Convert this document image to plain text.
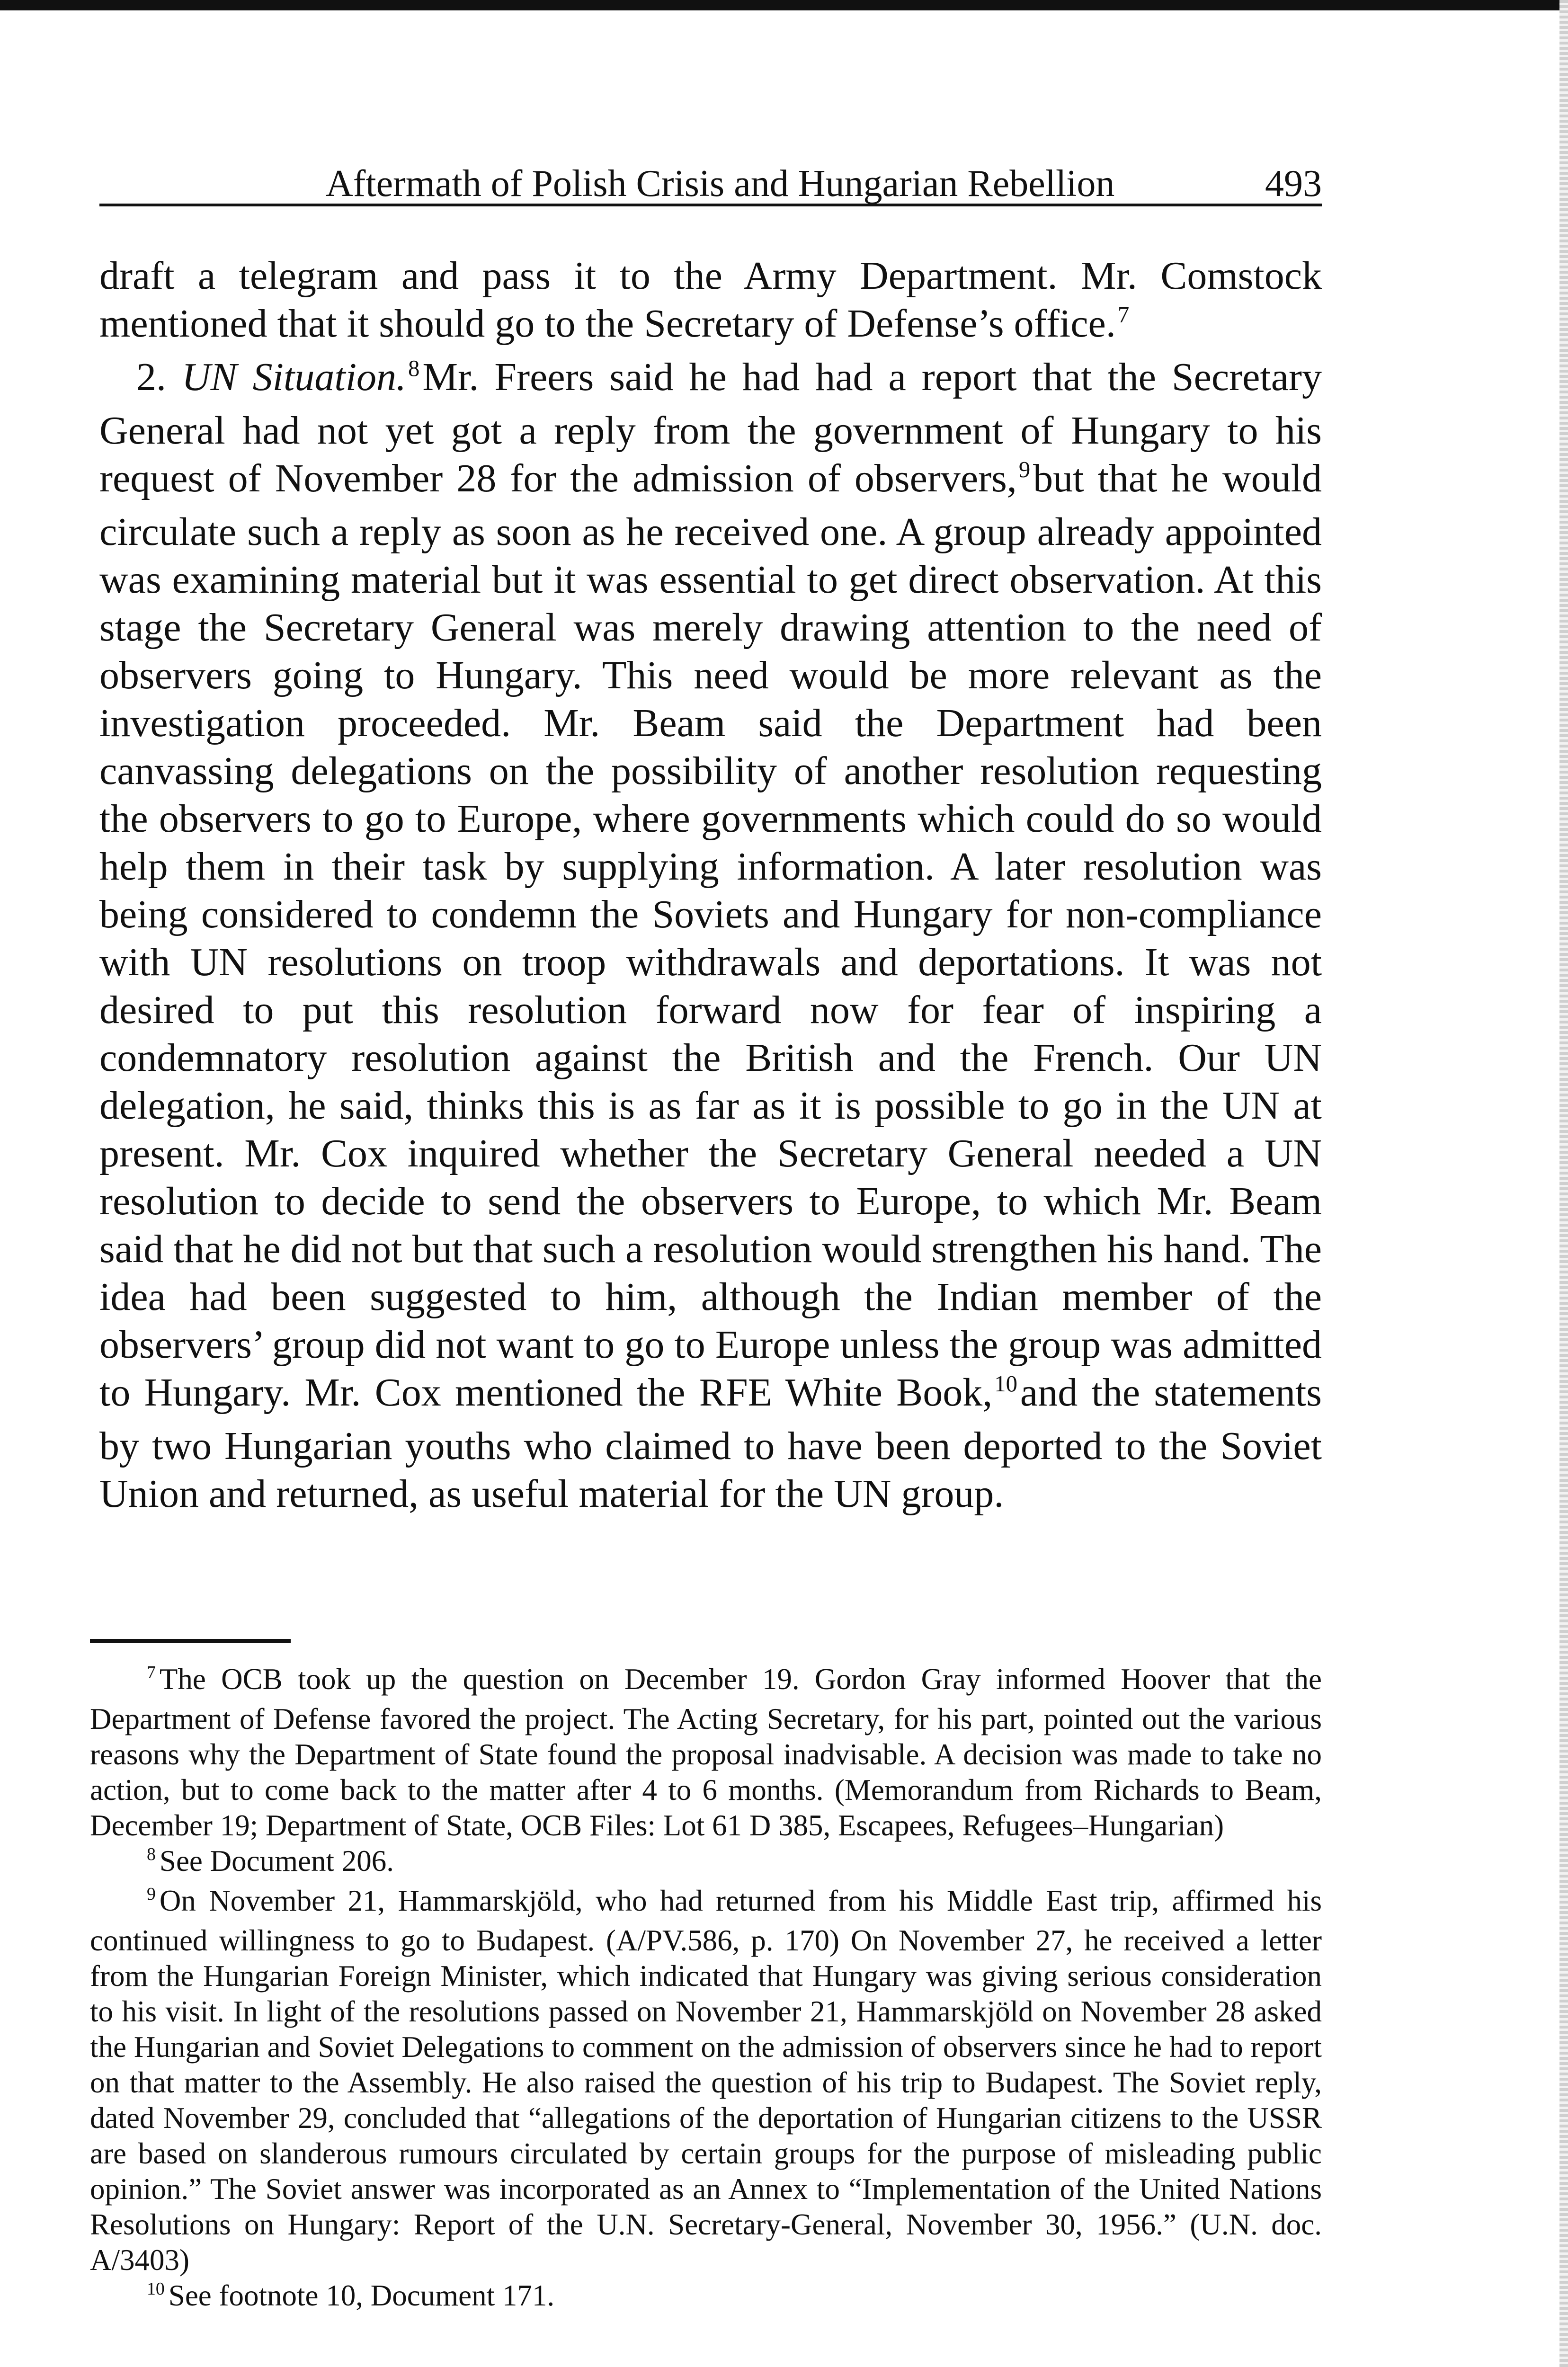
Aftermath of Polish Crisis and Hungarian Rebellion	493

draft a telegram and pass it to the Army Department. Mr. Comstock mentioned that it should go to the Secretary of Defense’s office.$^7$

2. UN Situation.$^8$Mr. Freers said he had had a report that the Secretary General had not yet got a reply from the government of Hungary to his request of November 28 for the admission of observers,$^9$but that he would circulate such a reply as soon as he received one. A group already appointed was examining material but it was essential to get direct observation. At this stage the Secretary General was merely drawing attention to the need of observers going to Hungary. This need would be more relevant as the investigation proceeded. Mr. Beam said the Department had been canvassing delegations on the possibility of another resolution requesting the observers to go to Europe, where governments which could do so would help them in their task by supplying information. A later resolution was being considered to condemn the Soviets and Hungary for non-compliance with UN resolutions on troop withdrawals and deportations. It was not desired to put this resolution forward now for fear of inspiring a condemnatory resolution against the British and the French. Our UN delegation, he said, thinks this is as far as it is possible to go in the UN at present. Mr. Cox inquired whether the Secretary General needed a UN resolution to decide to send the observers to Europe, to which Mr. Beam said that he did not but that such a resolution would strengthen his hand. The idea had been suggested to him, although the Indian member of the observers’ group did not want to go to Europe unless the group was admitted to Hungary. Mr. Cox mentioned the RFE White Book,$^{10}$and the statements by two Hungarian youths who claimed to have been deported to the Soviet Union and returned, as useful material for the UN group.

$^7$ The OCB took up the question on December 19. Gordon Gray informed Hoover that the Department of Defense favored the project. The Acting Secretary, for his part, pointed out the various reasons why the Department of State found the proposal inadvisable. A decision was made to take no action, but to come back to the matter after 4 to 6 months. (Memorandum from Richards to Beam, December 19; Department of State, OCB Files: Lot 61 D 385, Escapees, Refugees–Hungarian)

$^8$ See Document 206.

$^9$ On November 21, Hammarskjöld, who had returned from his Middle East trip, affirmed his continued willingness to go to Budapest. (A/PV.586, p. 170) On November 27, he received a letter from the Hungarian Foreign Minister, which indicated that Hungary was giving serious consideration to his visit. In light of the resolutions passed on November 21, Hammarskjöld on November 28 asked the Hungarian and Soviet Delegations to comment on the admission of observers since he had to report on that matter to the Assembly. He also raised the question of his trip to Budapest. The Soviet reply, dated November 29, concluded that “allegations of the deportation of Hungarian citizens to the USSR are based on slanderous rumours circulated by certain groups for the purpose of misleading public opinion.” The Soviet answer was incorporated as an Annex to “Implementation of the United Nations Resolutions on Hungary: Report of the U.N. Secretary-General, November 30, 1956.” (U.N. doc. A/3403)

$^{10}$ See footnote 10, Document 171.
